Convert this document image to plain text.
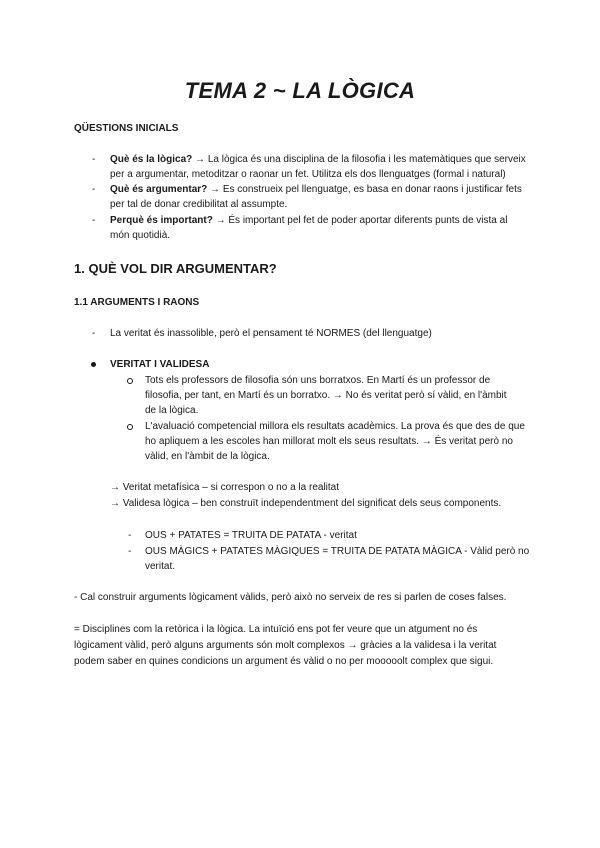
TEMA 2 ~ LA LÒGICA
QÜESTIONS INICIALS
- Què és la lògica? → La lògica és una disciplina de la filosofia i les matemàtiques que serveix
per a argumentar, metoditzar o raonar un fet. Utilitza els dos llenguatges (formal i natural)
- Què és argumentar? → Es construeix pel llenguatge, es basa en donar raons i justificar fets
per tal de donar credibilitat al assumpte.
- Perquè és important? → És important pel fet de poder aportar diferents punts de vista al
món quotidià.
1. QUÈ VOL DIR ARGUMENTAR?
1.1 ARGUMENTS I RAONS
- La veritat és inassolible, però el pensament té NORMES (del llenguatge)
VERITAT I VALIDESA
Tots els professors de filosofia són uns borratxos. En Martí és un professor de
filosofia, per tant, en Martí és un borratxo. → No és veritat però sí vàlid, en l'àmbit
de la lògica.
L'avaluació competencial millora els resultats acadèmics. La prova és que des de que
ho apliquem a les escoles han millorat molt els seus resultats. → És veritat però no
vàlid, en l'àmbit de la lògica.
→ Veritat metafísica – si correspon o no a la realitat
→ Validesa lògica – ben construït independentment del significat dels seus components.
- OUS + PATATES = TRUITA DE PATATA - veritat
- OUS MÀGICS + PATATES MÀGIQUES = TRUITA DE PATATA MÀGICA - Vàlid però no
veritat.
- Cal construir arguments lògicament vàlids, però això no serveix de res si parlen de coses falses.
= Disciplines com la retòrica i la lògica. La intuïció ens pot fer veure que un atgument no és
lògicament vàlid, però alguns arguments són molt complexos → gràcies a la validesa i la veritat
podem saber en quines condicions un argument és vàlid o no per mooooolt complex que sigui.
